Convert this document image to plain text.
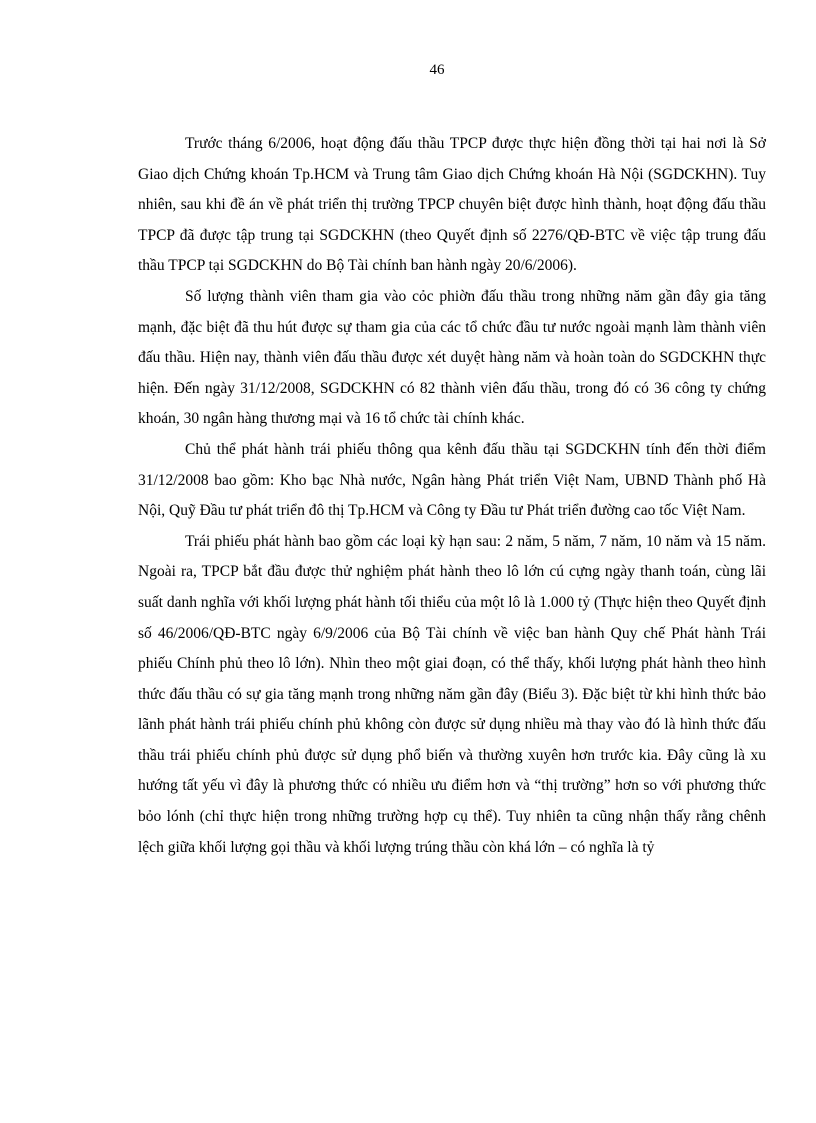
46

Trước tháng 6/2006, hoạt động đấu thầu TPCP được thực hiện đồng thời tại hai nơi là Sở Giao dịch Chứng khoán Tp.HCM và Trung tâm Giao dịch Chứng khoán Hà Nội (SGDCKHN). Tuy nhiên, sau khi đề án về phát triển thị trường TPCP chuyên biệt được hình thành, hoạt động đấu thầu TPCP đã được tập trung tại SGDCKHN (theo Quyết định số 2276/QĐ-BTC về việc tập trung đấu thầu TPCP tại SGDCKHN do Bộ Tài chính ban hành ngày 20/6/2006).

Số lượng thành viên tham gia vào cỏc phiờn đấu thầu trong những năm gần đây gia tăng mạnh, đặc biệt đã thu hút được sự tham gia của các tổ chức đầu tư nước ngoài mạnh làm thành viên đấu thầu. Hiện nay, thành viên đấu thầu được xét duyệt hàng năm và hoàn toàn do SGDCKHN thực hiện. Đến ngày 31/12/2008, SGDCKHN có 82 thành viên đấu thầu, trong đó có 36 công ty chứng khoán, 30 ngân hàng thương mại và 16 tổ chức tài chính khác.

Chủ thể phát hành trái phiếu thông qua kênh đấu thầu tại SGDCKHN tính đến thời điểm 31/12/2008 bao gồm: Kho bạc Nhà nước, Ngân hàng Phát triển Việt Nam, UBND Thành phố Hà Nội, Quỹ Đầu tư phát triển đô thị Tp.HCM và Công ty Đầu tư Phát triển đường cao tốc Việt Nam.

Trái phiếu phát hành bao gồm các loại kỳ hạn sau: 2 năm, 5 năm, 7 năm, 10 năm và 15 năm. Ngoài ra, TPCP bắt đầu được thử nghiệm phát hành theo lô lớn cú cựng ngày thanh toán, cùng lãi suất danh nghĩa với khối lượng phát hành tối thiểu của một lô là 1.000 tỷ (Thực hiện theo Quyết định số 46/2006/QĐ-BTC ngày 6/9/2006 của Bộ Tài chính về việc ban hành Quy chế Phát hành Trái phiếu Chính phủ theo lô lớn). Nhìn theo một giai đoạn, có thể thấy, khối lượng phát hành theo hình thức đấu thầu có sự gia tăng mạnh trong những năm gần đây (Biểu 3). Đặc biệt từ khi hình thức bảo lãnh phát hành trái phiếu chính phủ không còn được sử dụng nhiều mà thay vào đó là hình thức đấu thầu trái phiếu chính phủ được sử dụng phổ biến và thường xuyên hơn trước kia. Đây cũng là xu hướng tất yếu vì đây là phương thức có nhiều ưu điểm hơn và “thị trường” hơn so với phương thức bỏo lónh (chỉ thực hiện trong những trường hợp cụ thể). Tuy nhiên ta cũng nhận thấy rằng chênh lệch giữa khối lượng gọi thầu và khối lượng trúng thầu còn khá lớn – có nghĩa là tỷ
